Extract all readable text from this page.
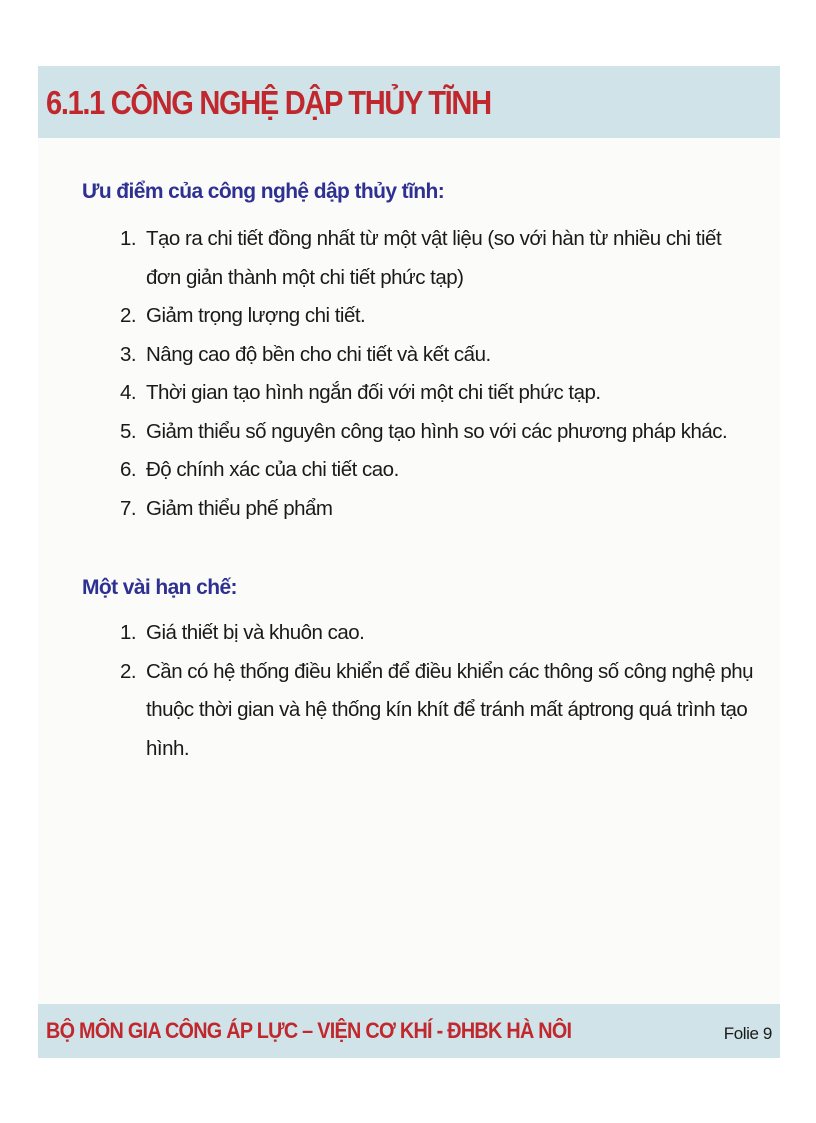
6.1.1 CÔNG NGHỆ DẬP THỦY TĨNH
Ưu điểm của công nghệ dập thủy tĩnh:
1. Tạo ra chi tiết đồng nhất từ một vật liệu (so với hàn từ nhiều chi tiết đơn giản thành một chi tiết phức tạp)
2. Giảm trọng lượng chi tiết.
3. Nâng cao độ bền cho chi tiết và kết cấu.
4. Thời gian tạo hình ngắn đối với một chi tiết phức tạp.
5. Giảm thiểu số nguyên công tạo hình so với các phương pháp khác.
6. Độ chính xác của chi tiết cao.
7. Giảm thiểu phế phẩm
Một vài hạn chế:
1. Giá thiết bị và khuôn cao.
2. Cần có hệ thống điều khiển để điều khiển các thông số công nghệ phụ thuộc thời gian và hệ thống kín khít để tránh mất áptrong quá trình tạo hình.
BỘ MÔN GIA CÔNG ÁP LỰC – VIỆN CƠ KHÍ - ĐHBK HÀ NÔI	Folie 9
